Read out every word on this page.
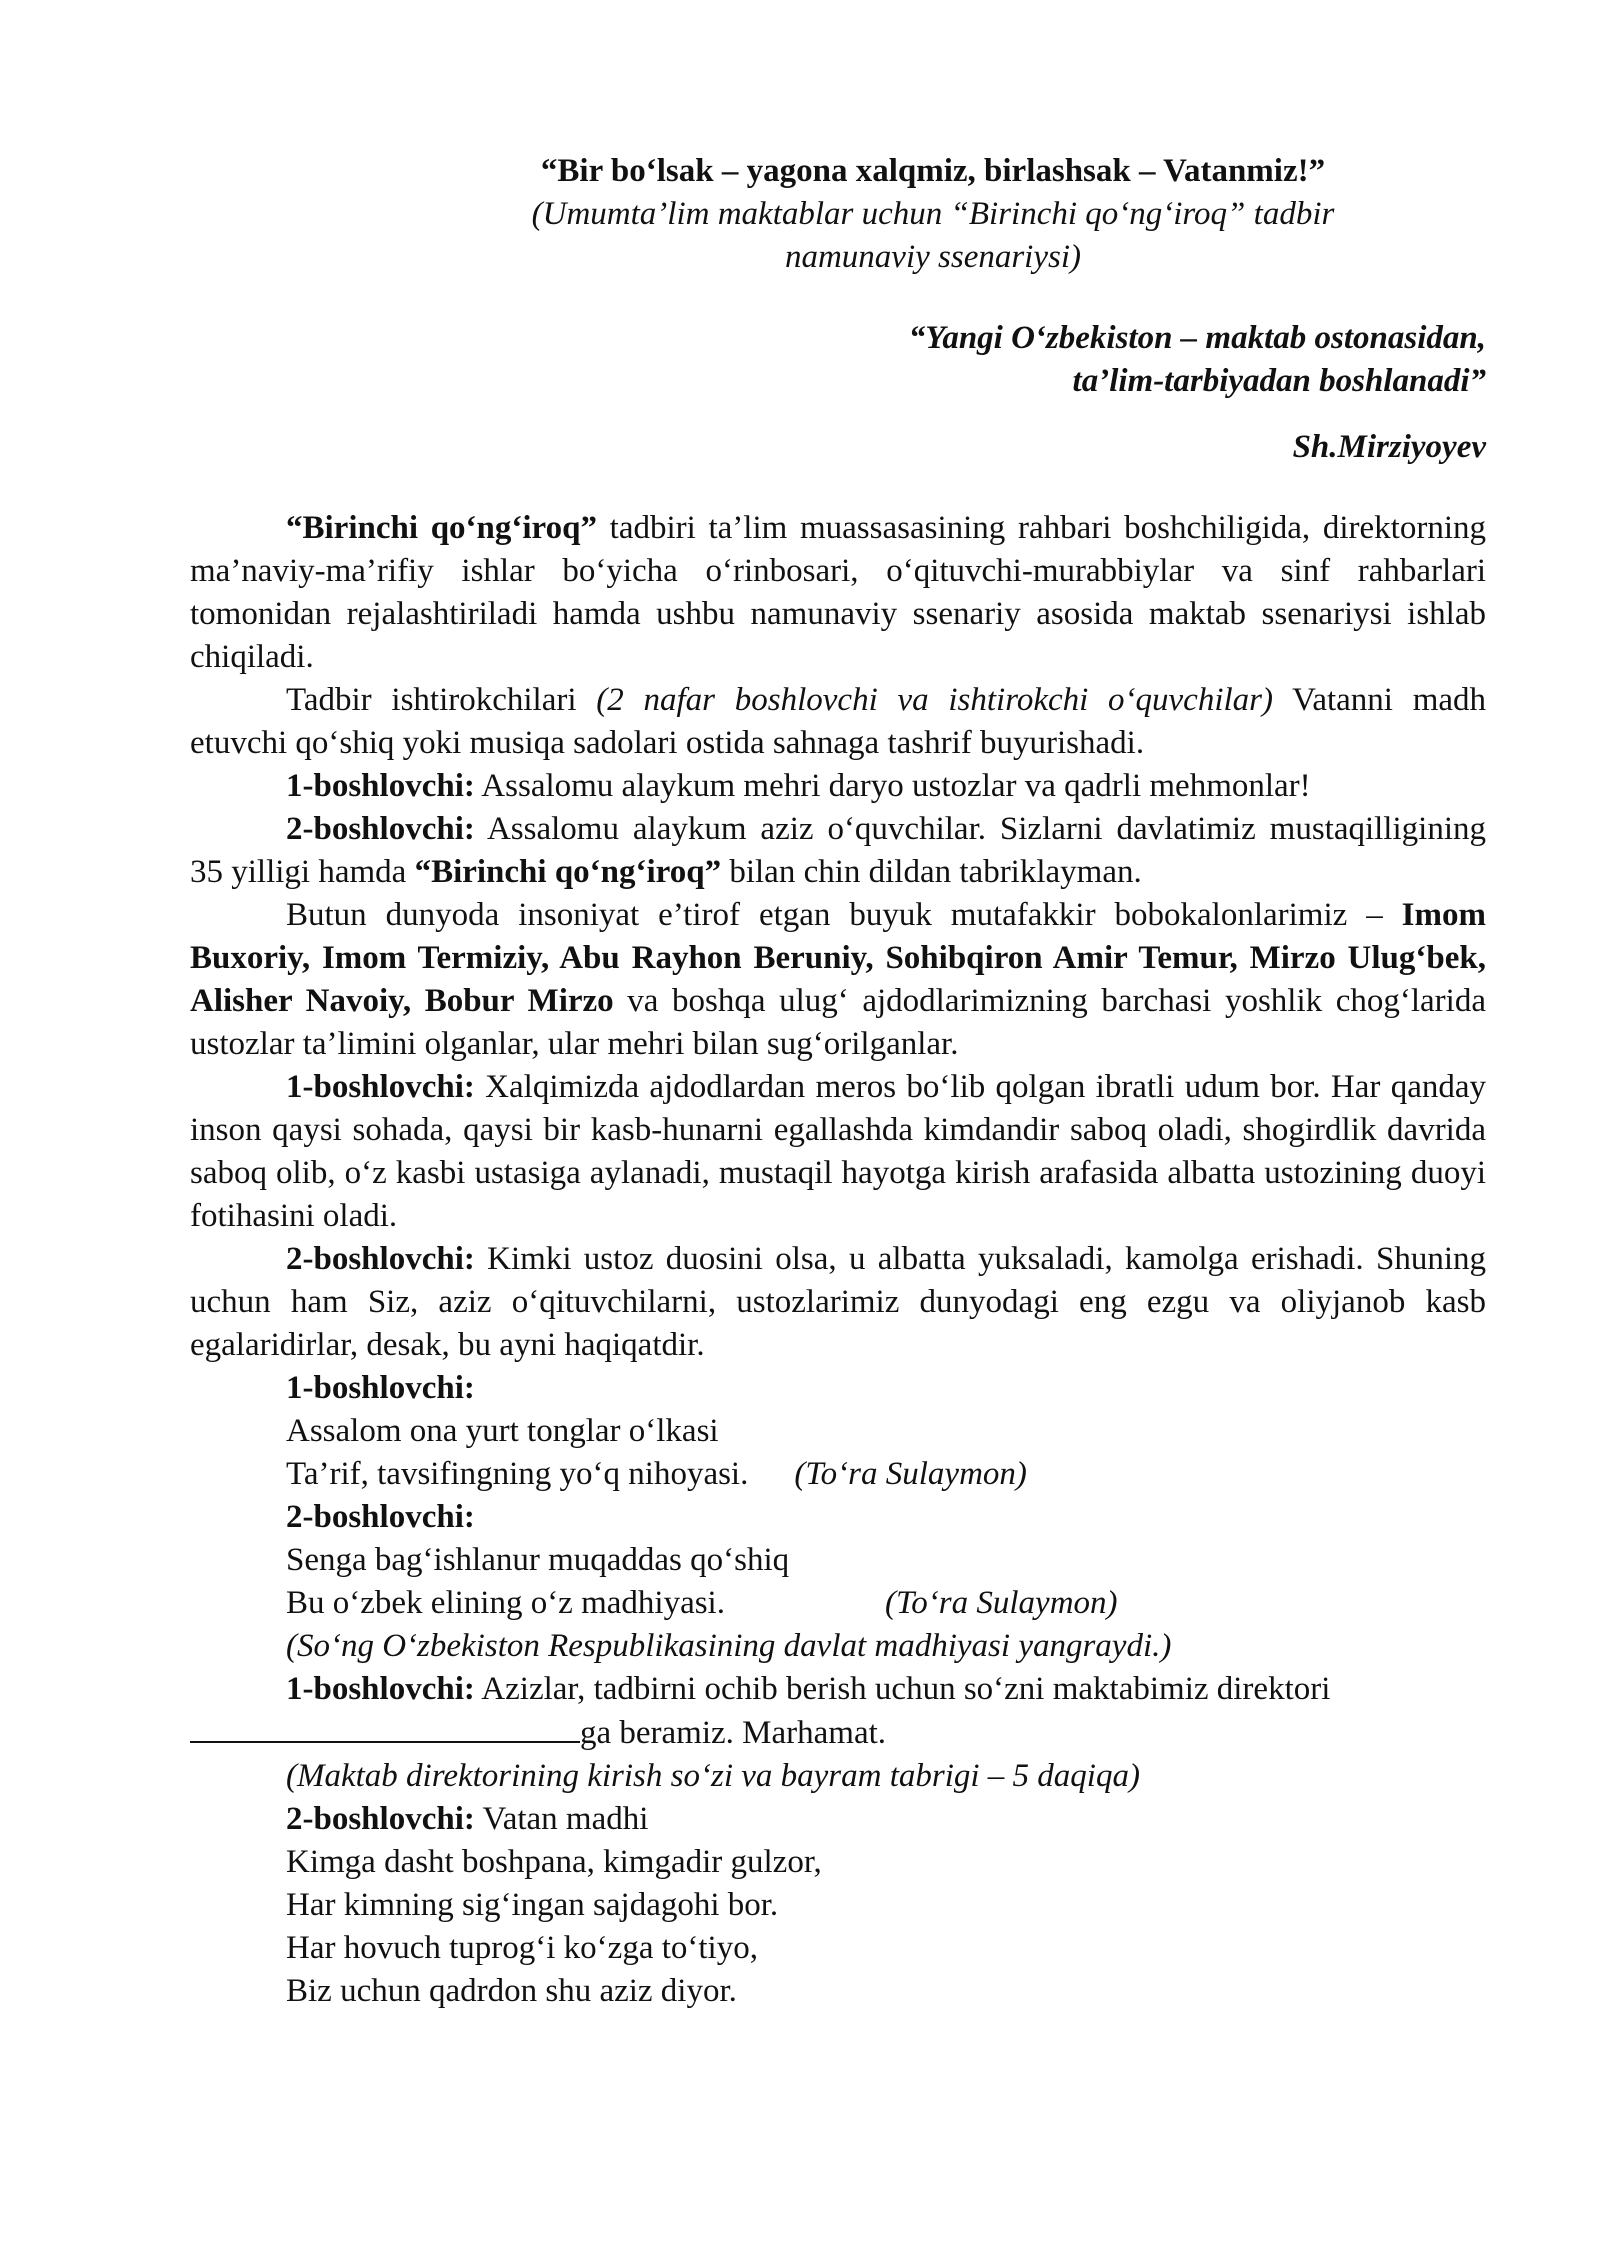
“Bir bo‘lsak – yagona xalqmiz, birlashsak – Vatanmiz!”

(Umumta’lim maktablar uchun “Birinchi qo‘ng‘iroq” tadbir

namunaviy ssenariysi)

“Yangi O‘zbekiston – maktab ostonasidan,

ta’lim-tarbiyadan boshlanadi”

Sh.Mirziyoyev

“Birinchi qo‘ng‘iroq” tadbiri ta’lim muassasasining rahbari boshchiligida, direktorning ma’naviy-ma’rifiy ishlar bo‘yicha o‘rinbosari, o‘qituvchi-murabbiylar va sinf rahbarlari tomonidan rejalashtiriladi hamda ushbu namunaviy ssenariy asosida maktab ssenariysi ishlab chiqiladi.

Tadbir ishtirokchilari (2 nafar boshlovchi va ishtirokchi o‘quvchilar) Vatanni madh etuvchi qo‘shiq yoki musiqa sadolari ostida sahnaga tashrif buyurishadi.

1-boshlovchi: Assalomu alaykum mehri daryo ustozlar va qadrli mehmonlar!

2-boshlovchi: Assalomu alaykum aziz o‘quvchilar. Sizlarni davlatimiz mustaqilligining 35 yilligi hamda “Birinchi qo‘ng‘iroq” bilan chin dildan tabriklayman.

Butun dunyoda insoniyat e’tirof etgan buyuk mutafakkir bobokalonlarimiz – Imom Buxoriy, Imom Termiziy, Abu Rayhon Beruniy, Sohibqiron Amir Temur, Mirzo Ulug‘bek, Alisher Navoiy, Bobur Mirzo va boshqa ulug‘ ajdodlarimizning barchasi yoshlik chog‘larida ustozlar ta’limini olganlar, ular mehri bilan sug‘orilganlar.

1-boshlovchi: Xalqimizda ajdodlardan meros bo‘lib qolgan ibratli udum bor. Har qanday inson qaysi sohada, qaysi bir kasb-hunarni egallashda kimdandir saboq oladi, shogirdlik davrida saboq olib, o‘z kasbi ustasiga aylanadi, mustaqil hayotga kirish arafasida albatta ustozining duoyi fotihasini oladi.

2-boshlovchi: Kimki ustoz duosini olsa, u albatta yuksaladi, kamolga erishadi. Shuning uchun ham Siz, aziz o‘qituvchilarni, ustozlarimiz dunyodagi eng ezgu va oliyjanob kasb egalaridirlar, desak, bu ayni haqiqatdir.

1-boshlovchi:

Assalom ona yurt tonglar o‘lkasi

Ta’rif, tavsifingning yo‘q nihoyasi. (To‘ra Sulaymon)

2-boshlovchi:

Senga bag‘ishlanur muqaddas qo‘shiq

Bu o‘zbek elining o‘z madhiyasi.	(To‘ra Sulaymon)

(So‘ng O‘zbekiston Respublikasining davlat madhiyasi yangraydi.)

1-boshlovchi: Azizlar, tadbirni ochib berish uchun so‘zni maktabimiz direktori

ga beramiz. Marhamat.

(Maktab direktorining kirish so‘zi va bayram tabrigi – 5 daqiqa)

2-boshlovchi: Vatan madhi

Kimga dasht boshpana, kimgadir gulzor,

Har kimning sig‘ingan sajdagohi bor.

Har hovuch tuprog‘i ko‘zga to‘tiyo,

Biz uchun qadrdon shu aziz diyor.
